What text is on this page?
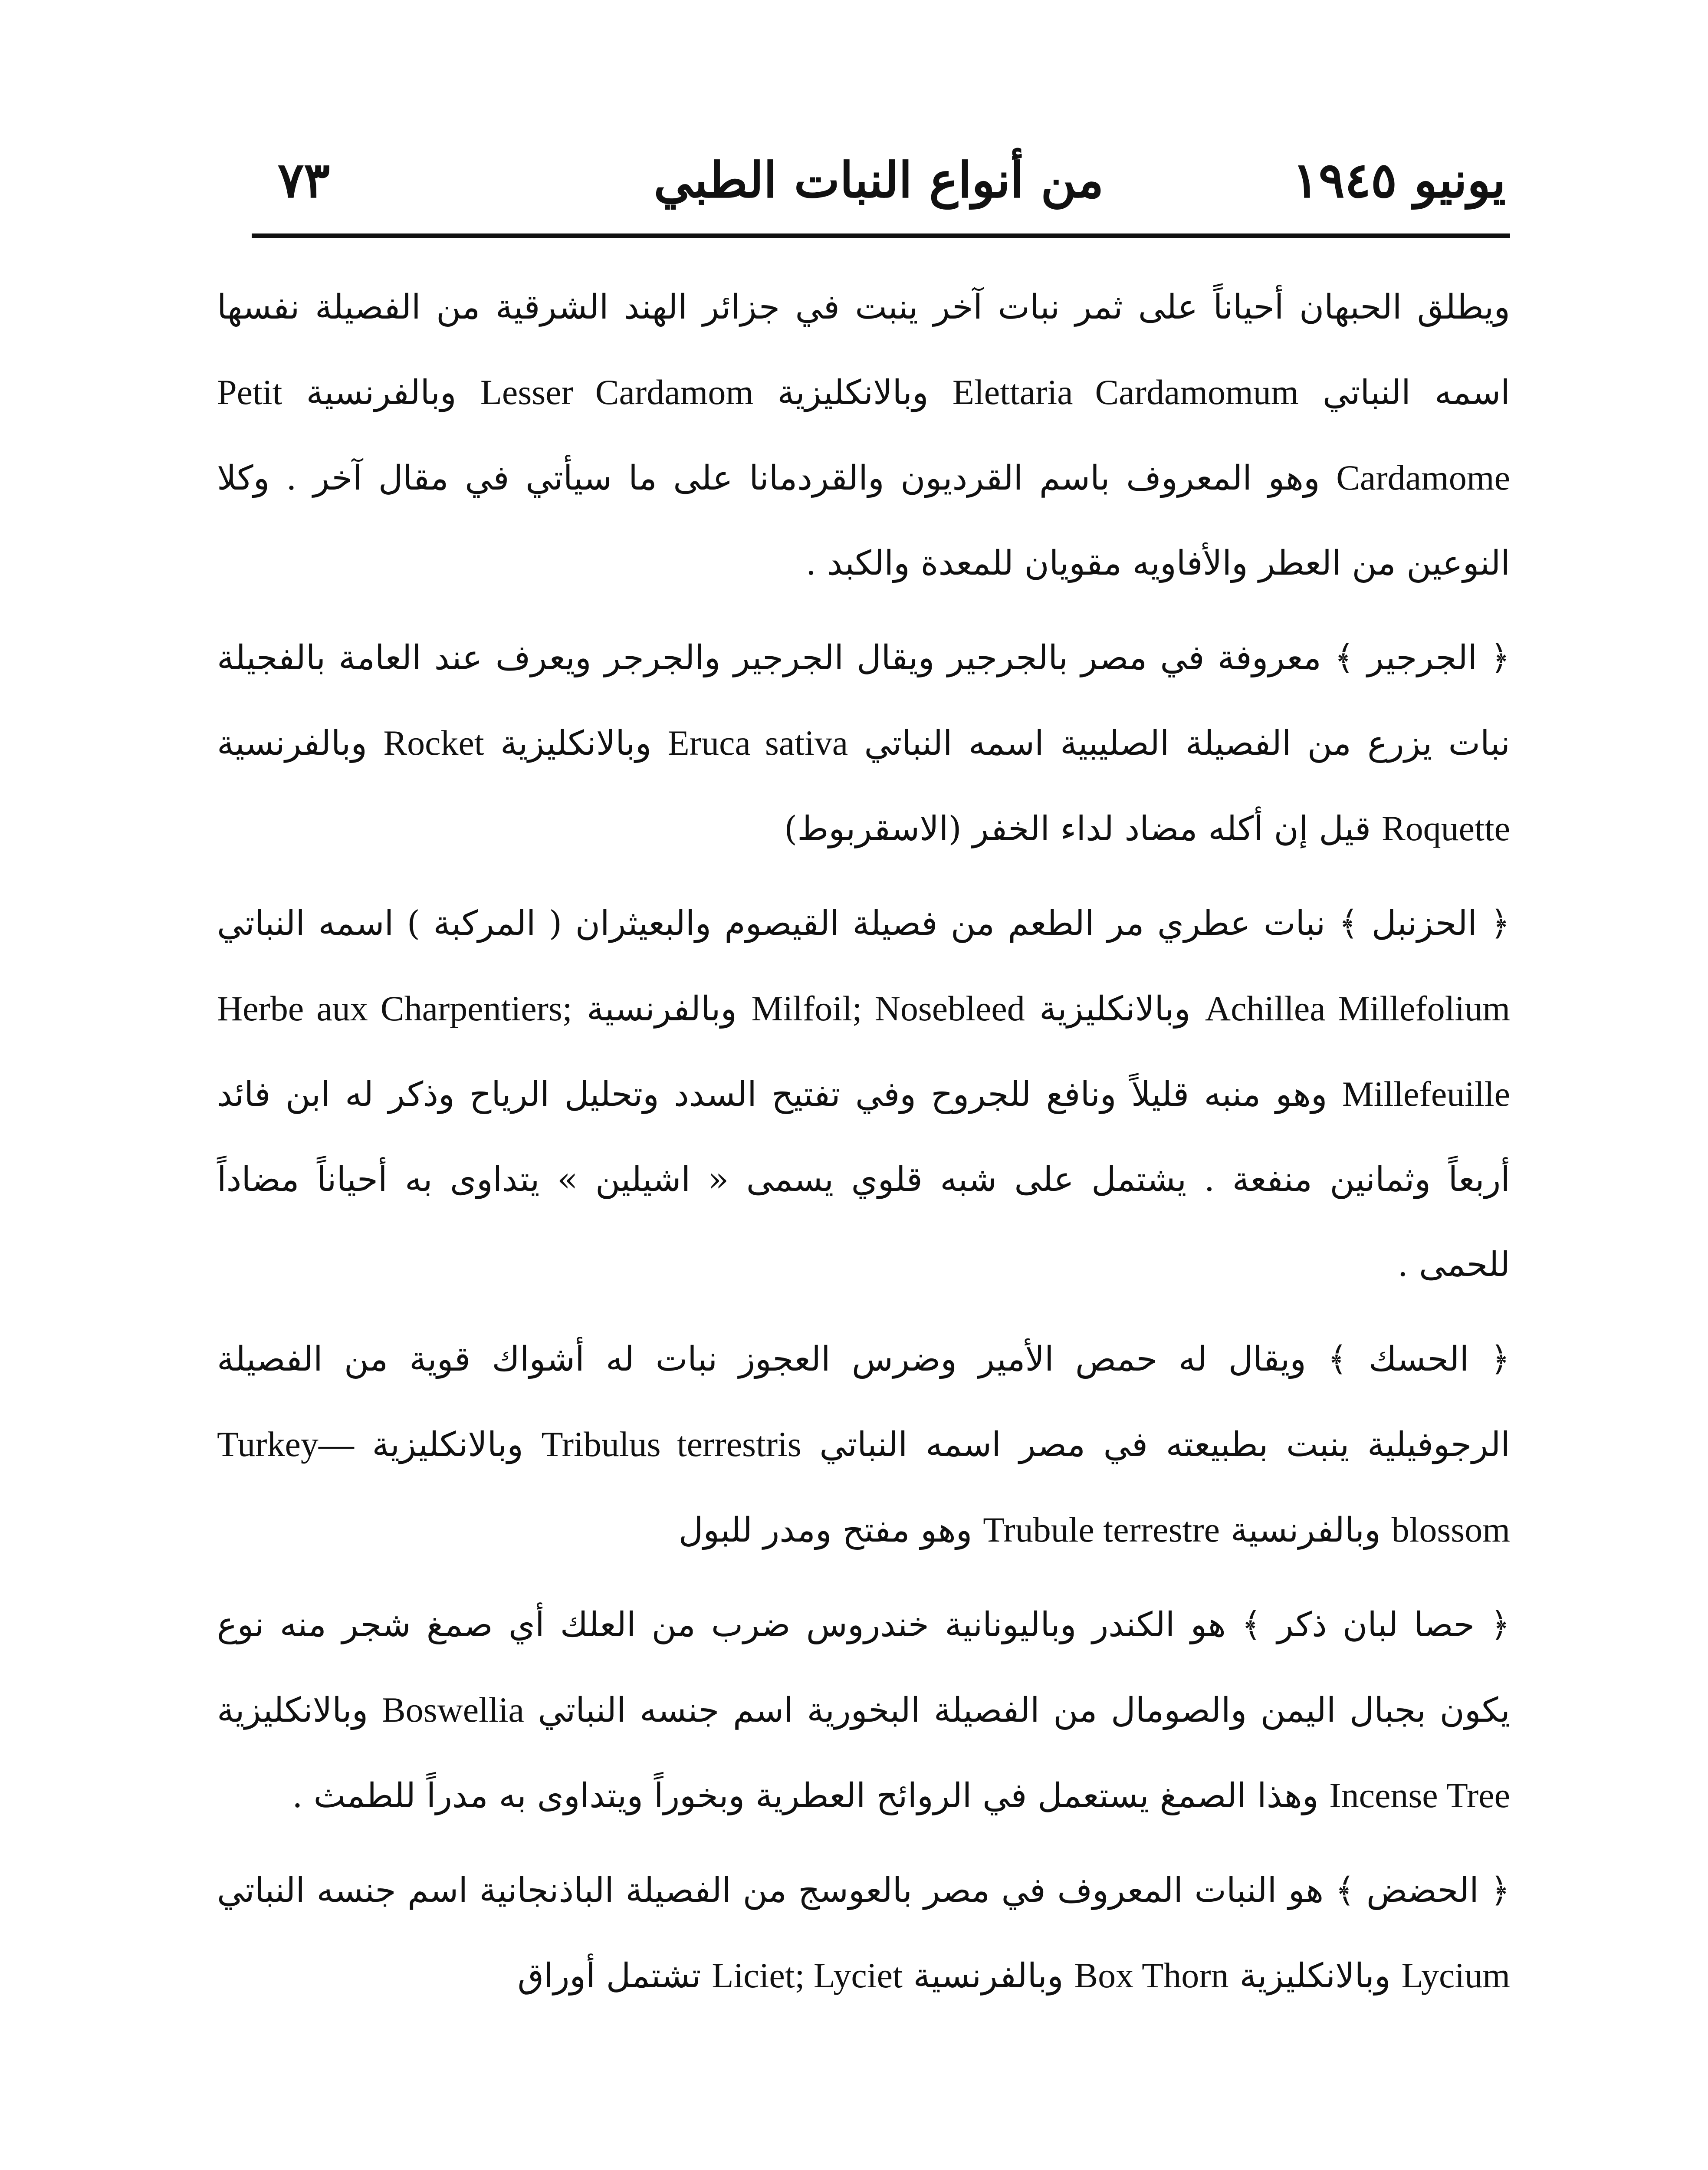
يونيو ١٩٤٥
من أنواع النبات الطبي
٧٣

ويطلق الحبهان أحياناً على ثمر نبات آخر ينبت في جزائر الهند الشرقية من الفصيلة نفسها اسمه النباتي Elettaria Cardamomum وبالانكليزية Lesser Cardamom وبالفرنسية Petit Cardamome وهو المعروف باسم القرديون والقردمانا على ما سيأتي في مقال آخر . وكلا النوعين من العطر والأفاويه مقويان للمعدة والكبد .

﴿ الجرجير ﴾ معروفة في مصر بالجرجير ويقال الجرجير والجرجر ويعرف عند العامة بالفجيلة نبات يزرع من الفصيلة الصليبية اسمه النباتي Eruca sativa وبالانكليزية Rocket وبالفرنسية Roquette قيل إن أكله مضاد لداء الخفر (الاسقربوط)

﴿ الحزنبل ﴾ نبات عطري مر الطعم من فصيلة القيصوم والبعيثران ( المركبة ) اسمه النباتي Achillea Millefolium وبالانكليزية Milfoil; Nosebleed وبالفرنسية Herbe aux Charpentiers; Millefeuille وهو منبه قليلاً ونافع للجروح وفي تفتيح السدد وتحليل الرياح وذكر له ابن فائد أربعاً وثمانين منفعة . يشتمل على شبه قلوي يسمى « اشيلين » يتداوى به أحياناً مضاداً للحمى .

﴿ الحسك ﴾ ويقال له حمص الأمير وضرس العجوز نبات له أشواك قوية من الفصيلة الرجوفيلية ينبت بطبيعته في مصر اسمه النباتي Tribulus terrestris وبالانكليزية Turkey—blossom وبالفرنسية Trubule terrestre وهو مفتح ومدر للبول

﴿ حصا لبان ذكر ﴾ هو الكندر وباليونانية خندروس ضرب من العلك أي صمغ شجر منه نوع يكون بجبال اليمن والصومال من الفصيلة البخورية اسم جنسه النباتي Boswellia وبالانكليزية Incense Tree وهذا الصمغ يستعمل في الروائح العطرية وبخوراً ويتداوى به مدراً للطمث .

﴿ الحضض ﴾ هو النبات المعروف في مصر بالعوسج من الفصيلة الباذنجانية اسم جنسه النباتي Lycium وبالانكليزية Box Thorn وبالفرنسية Liciet; Lyciet تشتمل أوراق
